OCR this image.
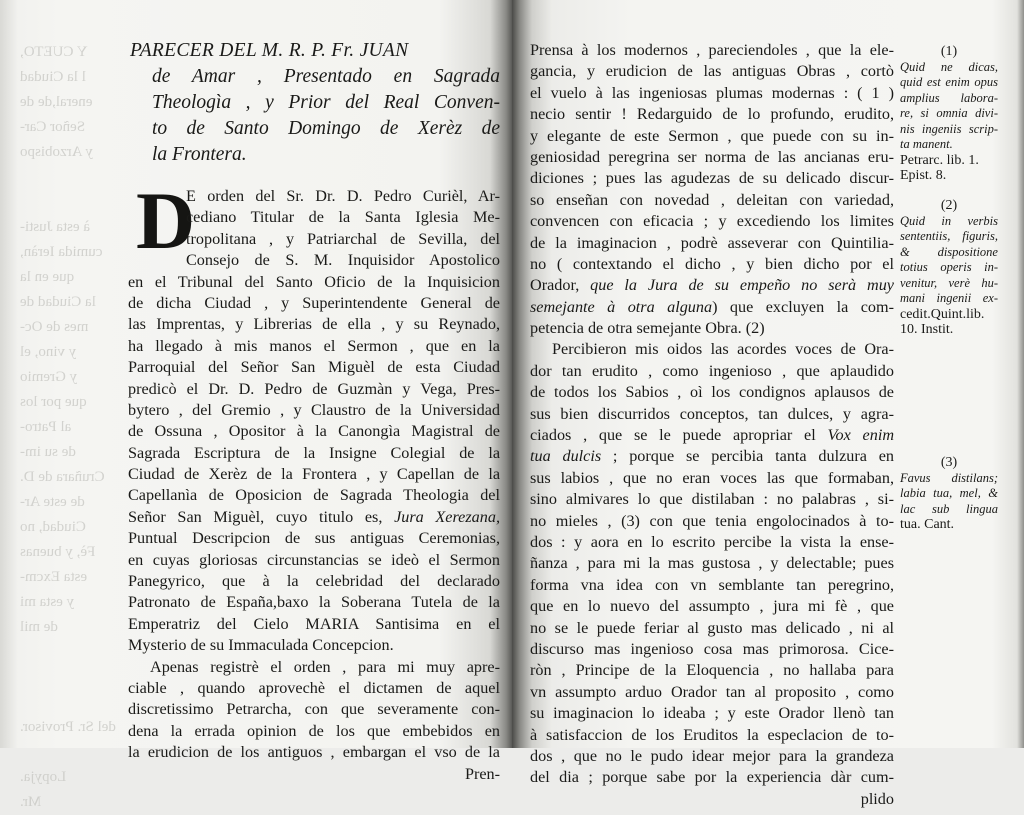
Y CUETO,
l la Ciudad
eneral,de de
Señor Car-
y Arzobispo
à esta Justi-
cumida Ieràn,
que en la
la Ciudad de
mes de Oc-
y vino, el
y Gremio
que por los
al Patro-
de su im-
Cruñara de D.
de este Ar-
Ciudad, no
Fè, y buenas
esta Excm-
y esta mi
de mil
del Sr. Provisor.
Lopyja.
Mr.
PARECER DEL M. R. P. Fr. JUAN
de Amar , Presentado en Sagrada
Theologìa , y Prior del Real Conven-
to de Santo Domingo de Xerèz de
la Frontera.
D
E orden del Sr. Dr. D. Pedro Curièl, Ar-
cediano Titular de la Santa Iglesia Me-
tropolitana , y Patriarchal de Sevilla, del
Consejo de S. M. Inquisidor Apostolico
en el Tribunal del Santo Oficio de la Inquisicion
de dicha Ciudad , y Superintendente General de
las Imprentas, y Librerias de ella , y su Reynado,
ha llegado à mis manos el Sermon , que en la
Parroquial del Señor San Miguèl de esta Ciudad
predicò el Dr. D. Pedro de Guzmàn y Vega, Pres-
bytero , del Gremio , y Claustro de la Universidad
de Ossuna , Opositor à la Canongìa Magistral de
Sagrada Escriptura de la Insigne Colegial de la
Ciudad de Xerèz de la Frontera , y Capellan de la
Capellanìa de Oposicion de Sagrada Theologia del
Señor San Miguèl, cuyo titulo es, Jura Xerezana,
Puntual Descripcion de sus antiguas Ceremonias,
en cuyas gloriosas circunstancias se ideò el Sermon
Panegyrico, que à la celebridad del declarado
Patronato de España,baxo la Soberana Tutela de la
Emperatriz del Cielo MARIA Santisima en el
Mysterio de su Immaculada Concepcion.
Apenas registrè el orden , para mi muy apre-
ciable , quando aprovechè el dictamen de aquel
discretissimo Petrarcha, con que severamente con-
dena la errada opinion de los que embebidos en
la erudicion de los antiguos , embargan el vso de la
Pren-
Prensa à los modernos , pareciendoles , que la ele-
gancia, y erudicion de las antiguas Obras , cortò
el vuelo à las ingeniosas plumas modernas : ( 1 )
necio sentir ! Redarguido de lo profundo, erudito,
y elegante de este Sermon , que puede con su in-
geniosidad peregrina ser norma de las ancianas eru-
diciones ; pues las agudezas de su delicado discur-
so enseñan con novedad , deleitan con variedad,
convencen con eficacia ; y excediendo los limites
de la imaginacion , podrè asseverar con Quintilia-
no ( contextando el dicho , y bien dicho por el
Orador, que la Jura de su empeño no serà muy
semejante à otra alguna) que excluyen la com-
petencia de otra semejante Obra. (2)
Percibieron mis oidos las acordes voces de Ora-
dor tan erudito , como ingenioso , que aplaudido
de todos los Sabios , oì los condignos aplausos de
sus bien discurridos conceptos, tan dulces, y agra-
ciados , que se le puede apropriar el Vox enim
tua dulcis ; porque se percibia tanta dulzura en
sus labios , que no eran voces las que formaban,
sino almivares lo que distilaban : no palabras , si-
no mieles , (3) con que tenia engolocinados à to-
dos : y aora en lo escrito percibe la vista la ense-
ñanza , para mi la mas gustosa , y delectable; pues
forma vna idea con vn semblante tan peregrino,
que en lo nuevo del assumpto , jura mi fè , que
no se le puede feriar al gusto mas delicado , ni al
discurso mas ingenioso cosa mas primorosa. Cice-
ròn , Principe de la Eloquencia , no hallaba para
vn assumpto arduo Orador tan al proposito , como
su imaginacion lo ideaba ; y este Orador llenò tan
à satisfaccion de los Eruditos la especlacion de to-
dos , que no le pudo idear mejor para la grandeza
del dia ; porque sabe por la experiencia dàr cum-
plido
(1)
Quid ne dicas,
quid est enim opus
amplius labora-
re, si omnia divi-
nis ingeniis scrip-
ta manent.
Petrarc. lib. 1.
Epist. 8.
(2)
Quid in verbis
sententiis, figuris,
& dispositione
totius operis in-
venitur, verè hu-
mani ingenii ex-
cedit.Quint.lib.
10. Instit.
(3)
Favus distilans;
labia tua, mel, &
lac sub lingua
tua. Cant.
